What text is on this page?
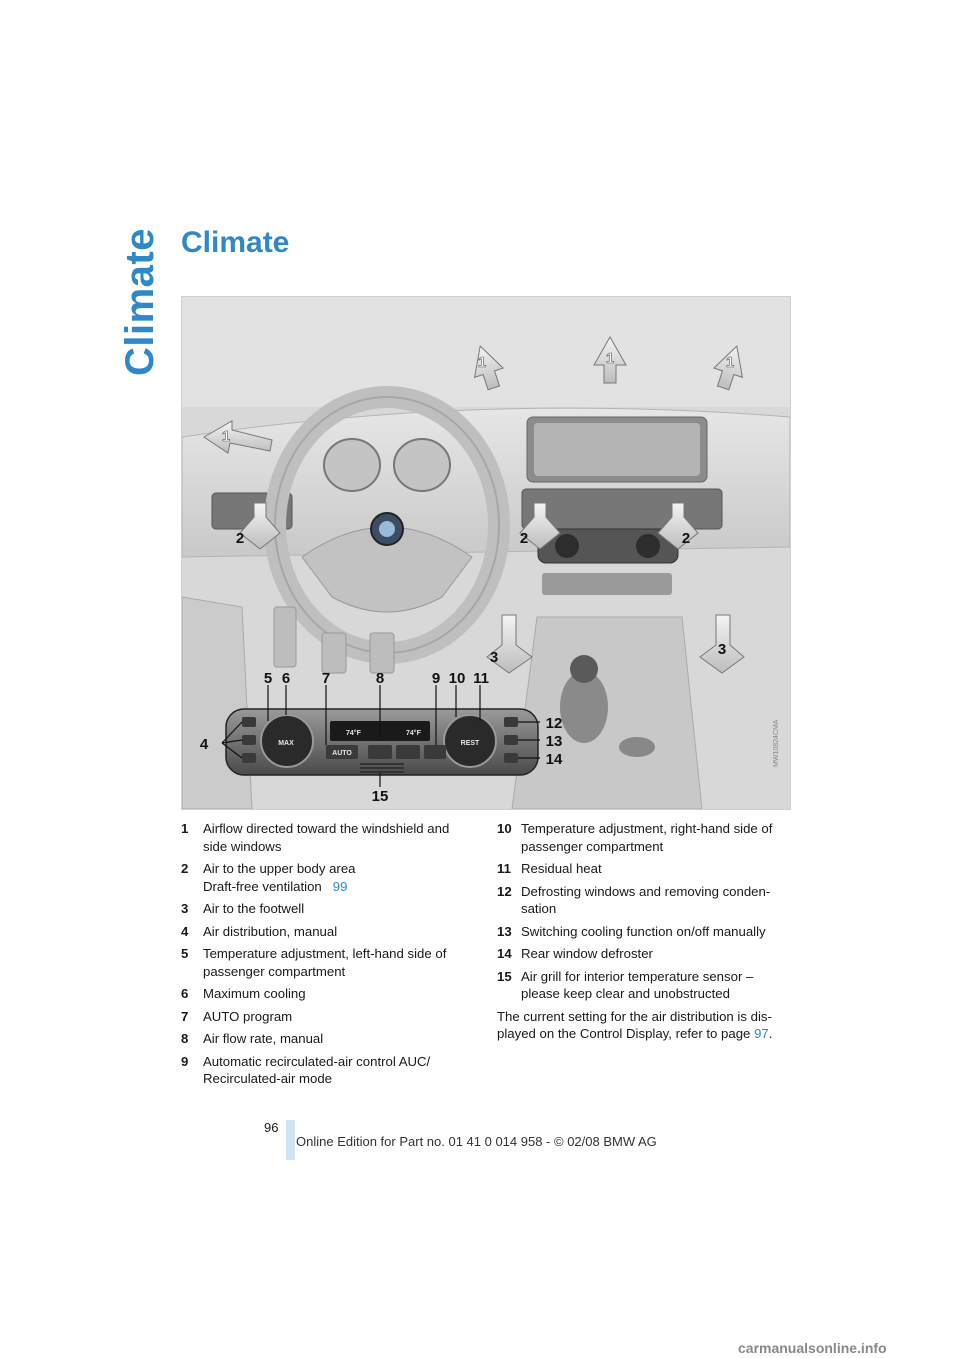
Climate Climate
1	1	1
1
2	2	2
3	3
4
5 6 7	8	9 10 11
12
13
14
15
MAX
AUTO
REST
74°F	74°F	MW10824CMA
1	Airflow directed toward the windshield and side windows
2	Air to the upper body area
Draft-free ventilation 99
3	Air to the footwell
4	Air distribution, manual
5	Temperature adjustment, left-hand side of passenger compartment
6	Maximum cooling
7	AUTO program
8	Air flow rate, manual
9	Automatic recirculated-air control AUC/ Recirculated-air mode
10 Temperature adjustment, right-hand side of passenger compartment
11 Residual heat
12 Defrosting windows and removing conden-sation
13 Switching cooling function on/off manually
14 Rear window defroster
15 Air grill for interior temperature sensor – please keep clear and unobstructed
The current setting for the air distribution is dis-played on the Control Display, refer to page 97.
96
Online Edition for Part no. 01 41 0 014 958 - © 02/08 BMW AG
carmanualsonline.info
